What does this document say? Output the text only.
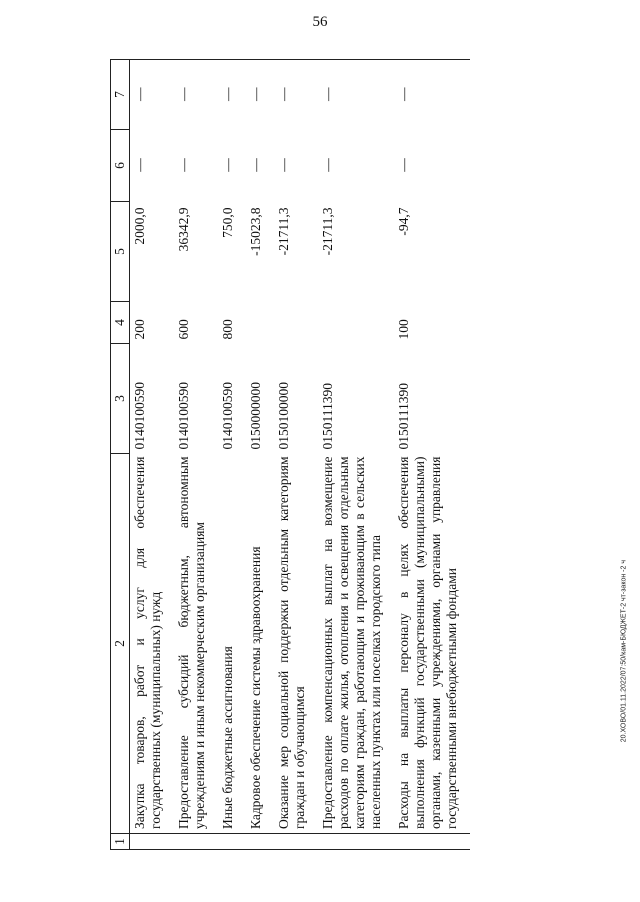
56
1	2	3	4	5	6	7
	Закупка товаров, работ и услуг для обеспечения государственных (муниципальных) нужд	0140100590	200	2000,0	—	—
	Предоставление субсидий бюджетным, автономным учреждениям и иным некоммерческим организациям	0140100590	600	36342,9	—	—
	Иные бюджетные ассигнования	0140100590	800	750,0	—	—
	Кадровое обеспечение системы здравоохранения	0150000000		-15023,8	—	—
	Оказание мер социальной поддержки отдельным категориям граждан и обучающимся	0150100000		-21711,3	—	—
	Предоставление компенсационных выплат на возмещение расходов по оплате жилья, отопления и освещения отдельным категориям граждан, работающим и проживающим в сельских населенных пунктах или поселках городского типа	0150111390		-21711,3	—	—
	Расходы на выплаты персоналу в целях обеспечения выполнения функций государственными (муниципальными) органами, казенными учреждениями, органами управления государственными внебюджетными фондами	0150111390	100	-94,7	—	—
20.ХОВО/01.11.2022/07:50/кам-БЮДЖЕТ-2 чт-закон -2 ч
